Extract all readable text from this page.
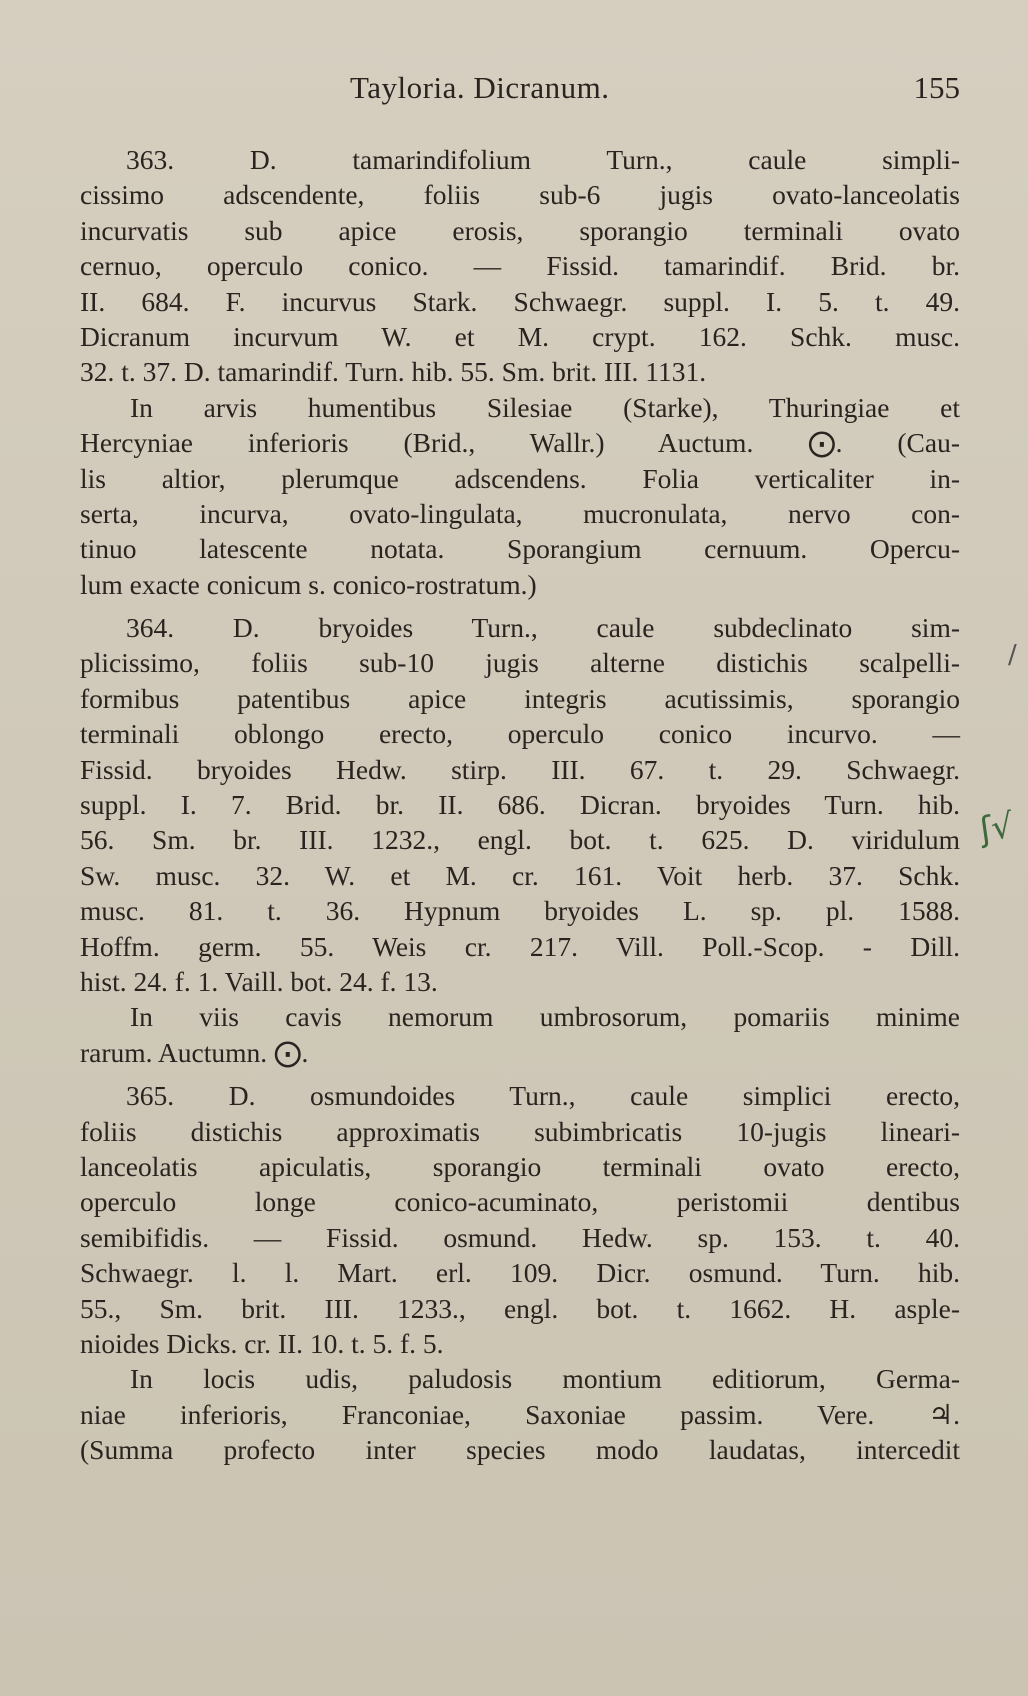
Tayloria. Dicranum.	155
363. D. tamarindifolium Turn., caule simpli-
cissimo adscendente, foliis sub-6 jugis ovato-lanceolatis
incurvatis sub apice erosis, sporangio terminali ovato
cernuo, operculo conico. — Fissid. tamarindif. Brid. br.
II. 684. F. incurvus Stark. Schwaegr. suppl. I. 5. t. 49.
Dicranum incurvum W. et M. crypt. 162. Schk. musc.
32. t. 37. D. tamarindif. Turn. hib. 55. Sm. brit. III. 1131.
In arvis humentibus Silesiae (Starke), Thuringiae et
Hercyniae inferioris (Brid., Wallr.) Auctum. ⨀. (Cau-
lis altior, plerumque adscendens. Folia verticaliter in-
serta, incurva, ovato-lingulata, mucronulata, nervo con-
tinuo latescente notata. Sporangium cernuum. Opercu-
lum exacte conicum s. conico-rostratum.)
364. D. bryoides Turn., caule subdeclinato sim-
plicissimo, foliis sub-10 jugis alterne distichis scalpelli-
formibus patentibus apice integris acutissimis, sporangio
terminali oblongo erecto, operculo conico incurvo. —
Fissid. bryoides Hedw. stirp. III. 67. t. 29. Schwaegr.
suppl. I. 7. Brid. br. II. 686. Dicran. bryoides Turn. hib.
56. Sm. br. III. 1232., engl. bot. t. 625. D. viridulum
Sw. musc. 32. W. et M. cr. 161. Voit herb. 37. Schk.
musc. 81. t. 36. Hypnum bryoides L. sp. pl. 1588.
Hoffm. germ. 55. Weis cr. 217. Vill. Poll.-Scop. - Dill.
hist. 24. f. 1. Vaill. bot. 24. f. 13.
In viis cavis nemorum umbrosorum, pomariis minime
rarum. Auctumn. ⨀.
365. D. osmundoides Turn., caule simplici erecto,
foliis distichis approximatis subimbricatis 10-jugis lineari-
lanceolatis apiculatis, sporangio terminali ovato erecto,
operculo longe conico-acuminato, peristomii dentibus
semibifidis. — Fissid. osmund. Hedw. sp. 153. t. 40.
Schwaegr. l. l. Mart. erl. 109. Dicr. osmund. Turn. hib.
55., Sm. brit. III. 1233., engl. bot. t. 1662. H. asple-
nioides Dicks. cr. II. 10. t. 5. f. 5.
In locis udis, paludosis montium editiorum, Germa-
niae inferioris, Franconiae, Saxoniae passim. Vere. ♃.
(Summa profecto inter species modo laudatas, intercedit
/
ʃ√
